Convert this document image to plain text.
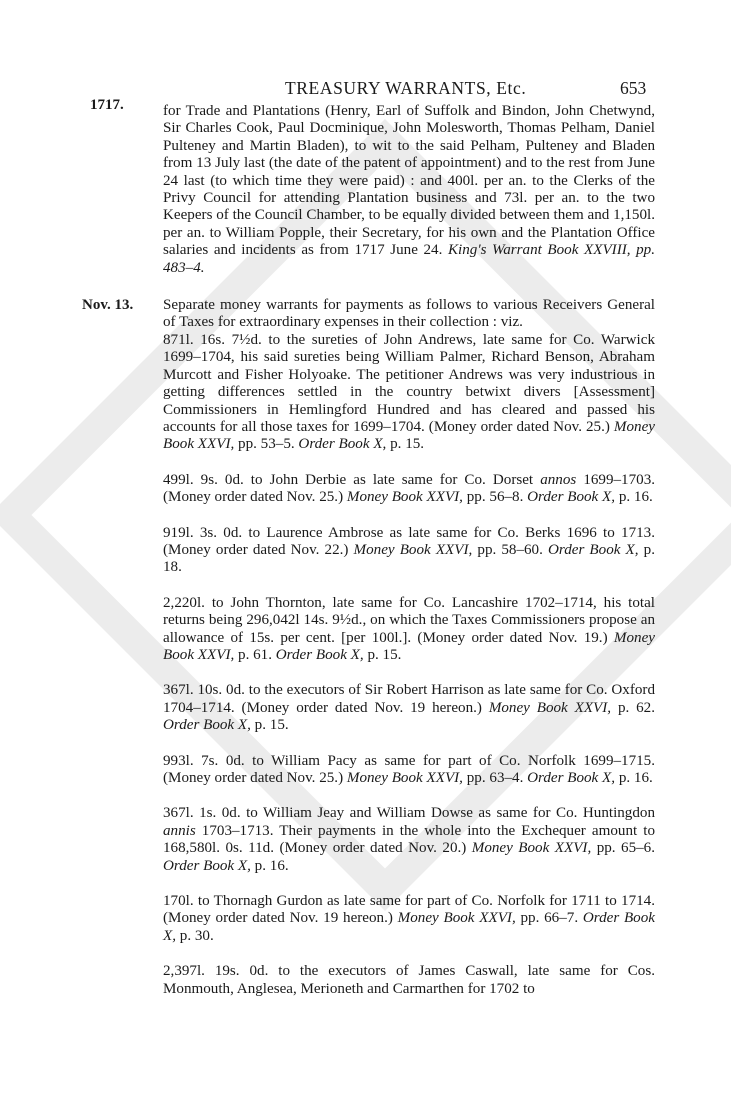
TREASURY WARRANTS, Etc.	653
1717.	for Trade and Plantations (Henry, Earl of Suffolk and Bindon, John Chetwynd, Sir Charles Cook, Paul Docminique, John Molesworth, Thomas Pelham, Daniel Pulteney and Martin Bladen), to wit to the said Pelham, Pulteney and Bladen from 13 July last (the date of the patent of appointment) and to the rest from June 24 last (to which time they were paid) : and 400l. per an. to the Clerks of the Privy Council for attending Plantation business and 73l. per an. to the two Keepers of the Council Chamber, to be equally divided between them and 1,150l. per an. to William Popple, their Secretary, for his own and the Plantation Office salaries and incidents as from 1717 June 24. King's Warrant Book XXVIII, pp. 483–4.

Nov. 13. Separate money warrants for payments as follows to various Receivers General of Taxes for extraordinary expenses in their collection : viz.

871l. 16s. 7½d. to the sureties of John Andrews, late same for Co. Warwick 1699–1704, his said sureties being William Palmer, Richard Benson, Abraham Murcott and Fisher Holyoake. The petitioner Andrews was very industrious in getting differences settled in the country betwixt divers [Assessment] Commissioners in Hemlingford Hundred and has cleared and passed his accounts for all those taxes for 1699–1704. (Money order dated Nov. 25.) Money Book XXVI, pp. 53–5. Order Book X, p. 15.

499l. 9s. 0d. to John Derbie as late same for Co. Dorset annos 1699–1703. (Money order dated Nov. 25.) Money Book XXVI, pp. 56–8. Order Book X, p. 16.

919l. 3s. 0d. to Laurence Ambrose as late same for Co. Berks 1696 to 1713. (Money order dated Nov. 22.) Money Book XXVI, pp. 58–60. Order Book X, p. 18.

2,220l. to John Thornton, late same for Co. Lancashire 1702–1714, his total returns being 296,042l 14s. 9½d., on which the Taxes Commissioners propose an allowance of 15s. per cent. [per 100l.]. (Money order dated Nov. 19.) Money Book XXVI, p. 61. Order Book X, p. 15.

367l. 10s. 0d. to the executors of Sir Robert Harrison as late same for Co. Oxford 1704–1714. (Money order dated Nov. 19 hereon.) Money Book XXVI, p. 62. Order Book X, p. 15.

993l. 7s. 0d. to William Pacy as same for part of Co. Norfolk 1699–1715. (Money order dated Nov. 25.) Money Book XXVI, pp. 63–4. Order Book X, p. 16.

367l. 1s. 0d. to William Jeay and William Dowse as same for Co. Huntingdon annis 1703–1713. Their payments in the whole into the Exchequer amount to 168,580l. 0s. 11d. (Money order dated Nov. 20.) Money Book XXVI, pp. 65–6. Order Book X, p. 16.

170l. to Thornagh Gurdon as late same for part of Co. Norfolk for 1711 to 1714. (Money order dated Nov. 19 hereon.) Money Book XXVI, pp. 66–7. Order Book X, p. 30.

2,397l. 19s. 0d. to the executors of James Caswall, late same for Cos. Monmouth, Anglesea, Merioneth and Carmarthen for 1702 to
